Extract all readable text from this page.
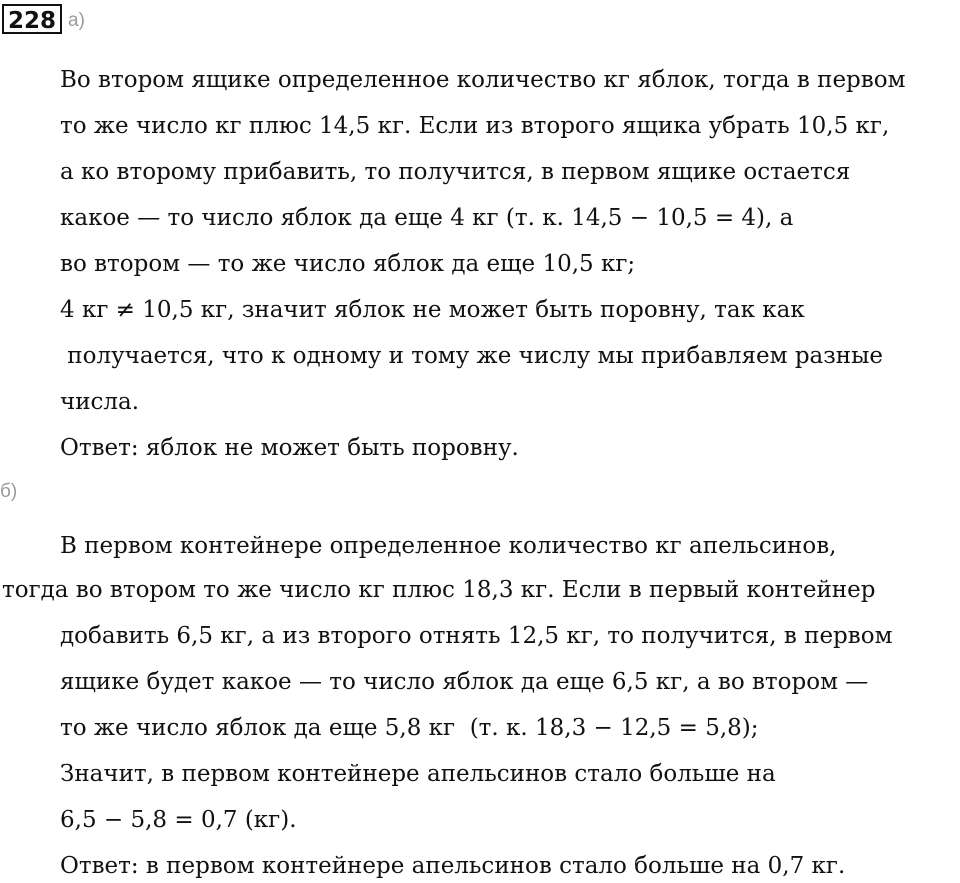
228 а)
Во втором ящике определенное количество кг яблок, тогда в первом
то же число кг плюс 14,5 кг. Если из второго ящика убрать 10,5 кг,
а ко второму прибавить, то получится, в первом ящике остается
какое — то число яблок да еще 4 кг (т. к. 14,5 − 10,5 = 4), а
во втором — то же число яблок да еще 10,5 кг;
4 кг ≠ 10,5 кг, значит яблок не может быть поровну, так как
получается, что к одному и тому же числу мы прибавляем разные
числа.
Ответ: яблок не может быть поровну.
б)
В первом контейнере определенное количество кг апельсинов,
тогда во втором то же число кг плюс 18,3 кг. Если в первый контейнер
добавить 6,5 кг, а из второго отнять 12,5 кг, то получится, в первом
ящике будет какое — то число яблок да еще 6,5 кг, а во втором —
то же число яблок да еще 5,8 кг  (т. к. 18,3 − 12,5 = 5,8);
Значит, в первом контейнере апельсинов стало больше на
6,5 − 5,8 = 0,7 (кг).
Ответ: в первом контейнере апельсинов стало больше на 0,7 кг.
